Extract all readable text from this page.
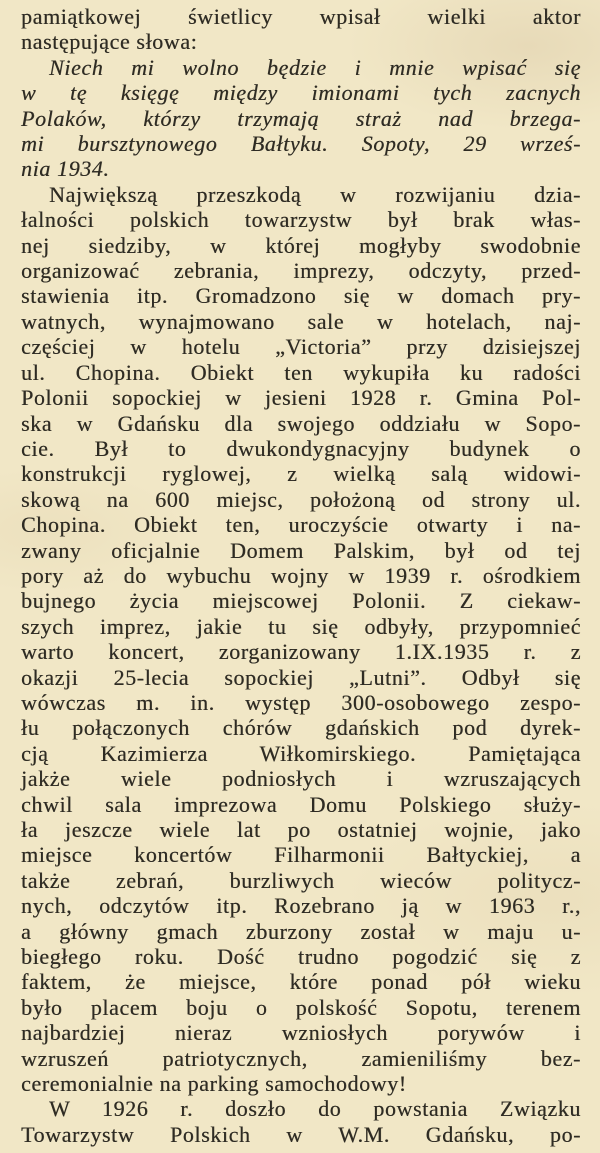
pamiątkowej świetlicy wpisał wielki aktor
następujące słowa:

Niech mi wolno będzie i mnie wpisać się
w tę księgę między imionami tych zacnych
Polaków, którzy trzymają straż nad brzega-
mi bursztynowego Bałtyku. Sopoty, 29 wrześ-
nia 1934.

Największą przeszkodą w rozwijaniu dzia-
łalności polskich towarzystw był brak włas-
nej siedziby, w której mogłyby swodobnie
organizować zebrania, imprezy, odczyty, przed-
stawienia itp. Gromadzono się w domach pry-
watnych, wynajmowano sale w hotelach, naj-
częściej w hotelu „Victoria” przy dzisiejszej
ul. Chopina. Obiekt ten wykupiła ku radości
Polonii sopockiej w jesieni 1928 r. Gmina Pol-
ska w Gdańsku dla swojego oddziału w Sopo-
cie. Był to dwukondygnacyjny budynek o
konstrukcji ryglowej, z wielką salą widowi-
skową na 600 miejsc, położoną od strony ul.
Chopina. Obiekt ten, uroczyście otwarty i na-
zwany oficjalnie Domem Palskim, był od tej
pory aż do wybuchu wojny w 1939 r. ośrodkiem
bujnego życia miejscowej Polonii. Z ciekaw-
szych imprez, jakie tu się odbyły, przypomnieć
warto koncert, zorganizowany 1.IX.1935 r. z
okazji 25-lecia sopockiej „Lutni”. Odbył się
wówczas m. in. występ 300-osobowego zespo-
łu połączonych chórów gdańskich pod dyrek-
cją Kazimierza Wiłkomirskiego. Pamiętająca
jakże wiele podniosłych i wzruszających
chwil sala imprezowa Domu Polskiego służy-
ła jeszcze wiele lat po ostatniej wojnie, jako
miejsce koncertów Filharmonii Bałtyckiej, a
także zebrań, burzliwych wieców politycz-
nych, odczytów itp. Rozebrano ją w 1963 r.,
a główny gmach zburzony został w maju u-
biegłego roku. Dość trudno pogodzić się z
faktem, że miejsce, które ponad pół wieku
było placem boju o polskość Sopotu, terenem
najbardziej nieraz wzniosłych porywów i
wzruszeń patriotycznych, zamieniliśmy bez-
ceremonialnie na parking samochodowy!

W 1926 r. doszło do powstania Związku
Towarzystw Polskich w W.M. Gdańsku, po-
